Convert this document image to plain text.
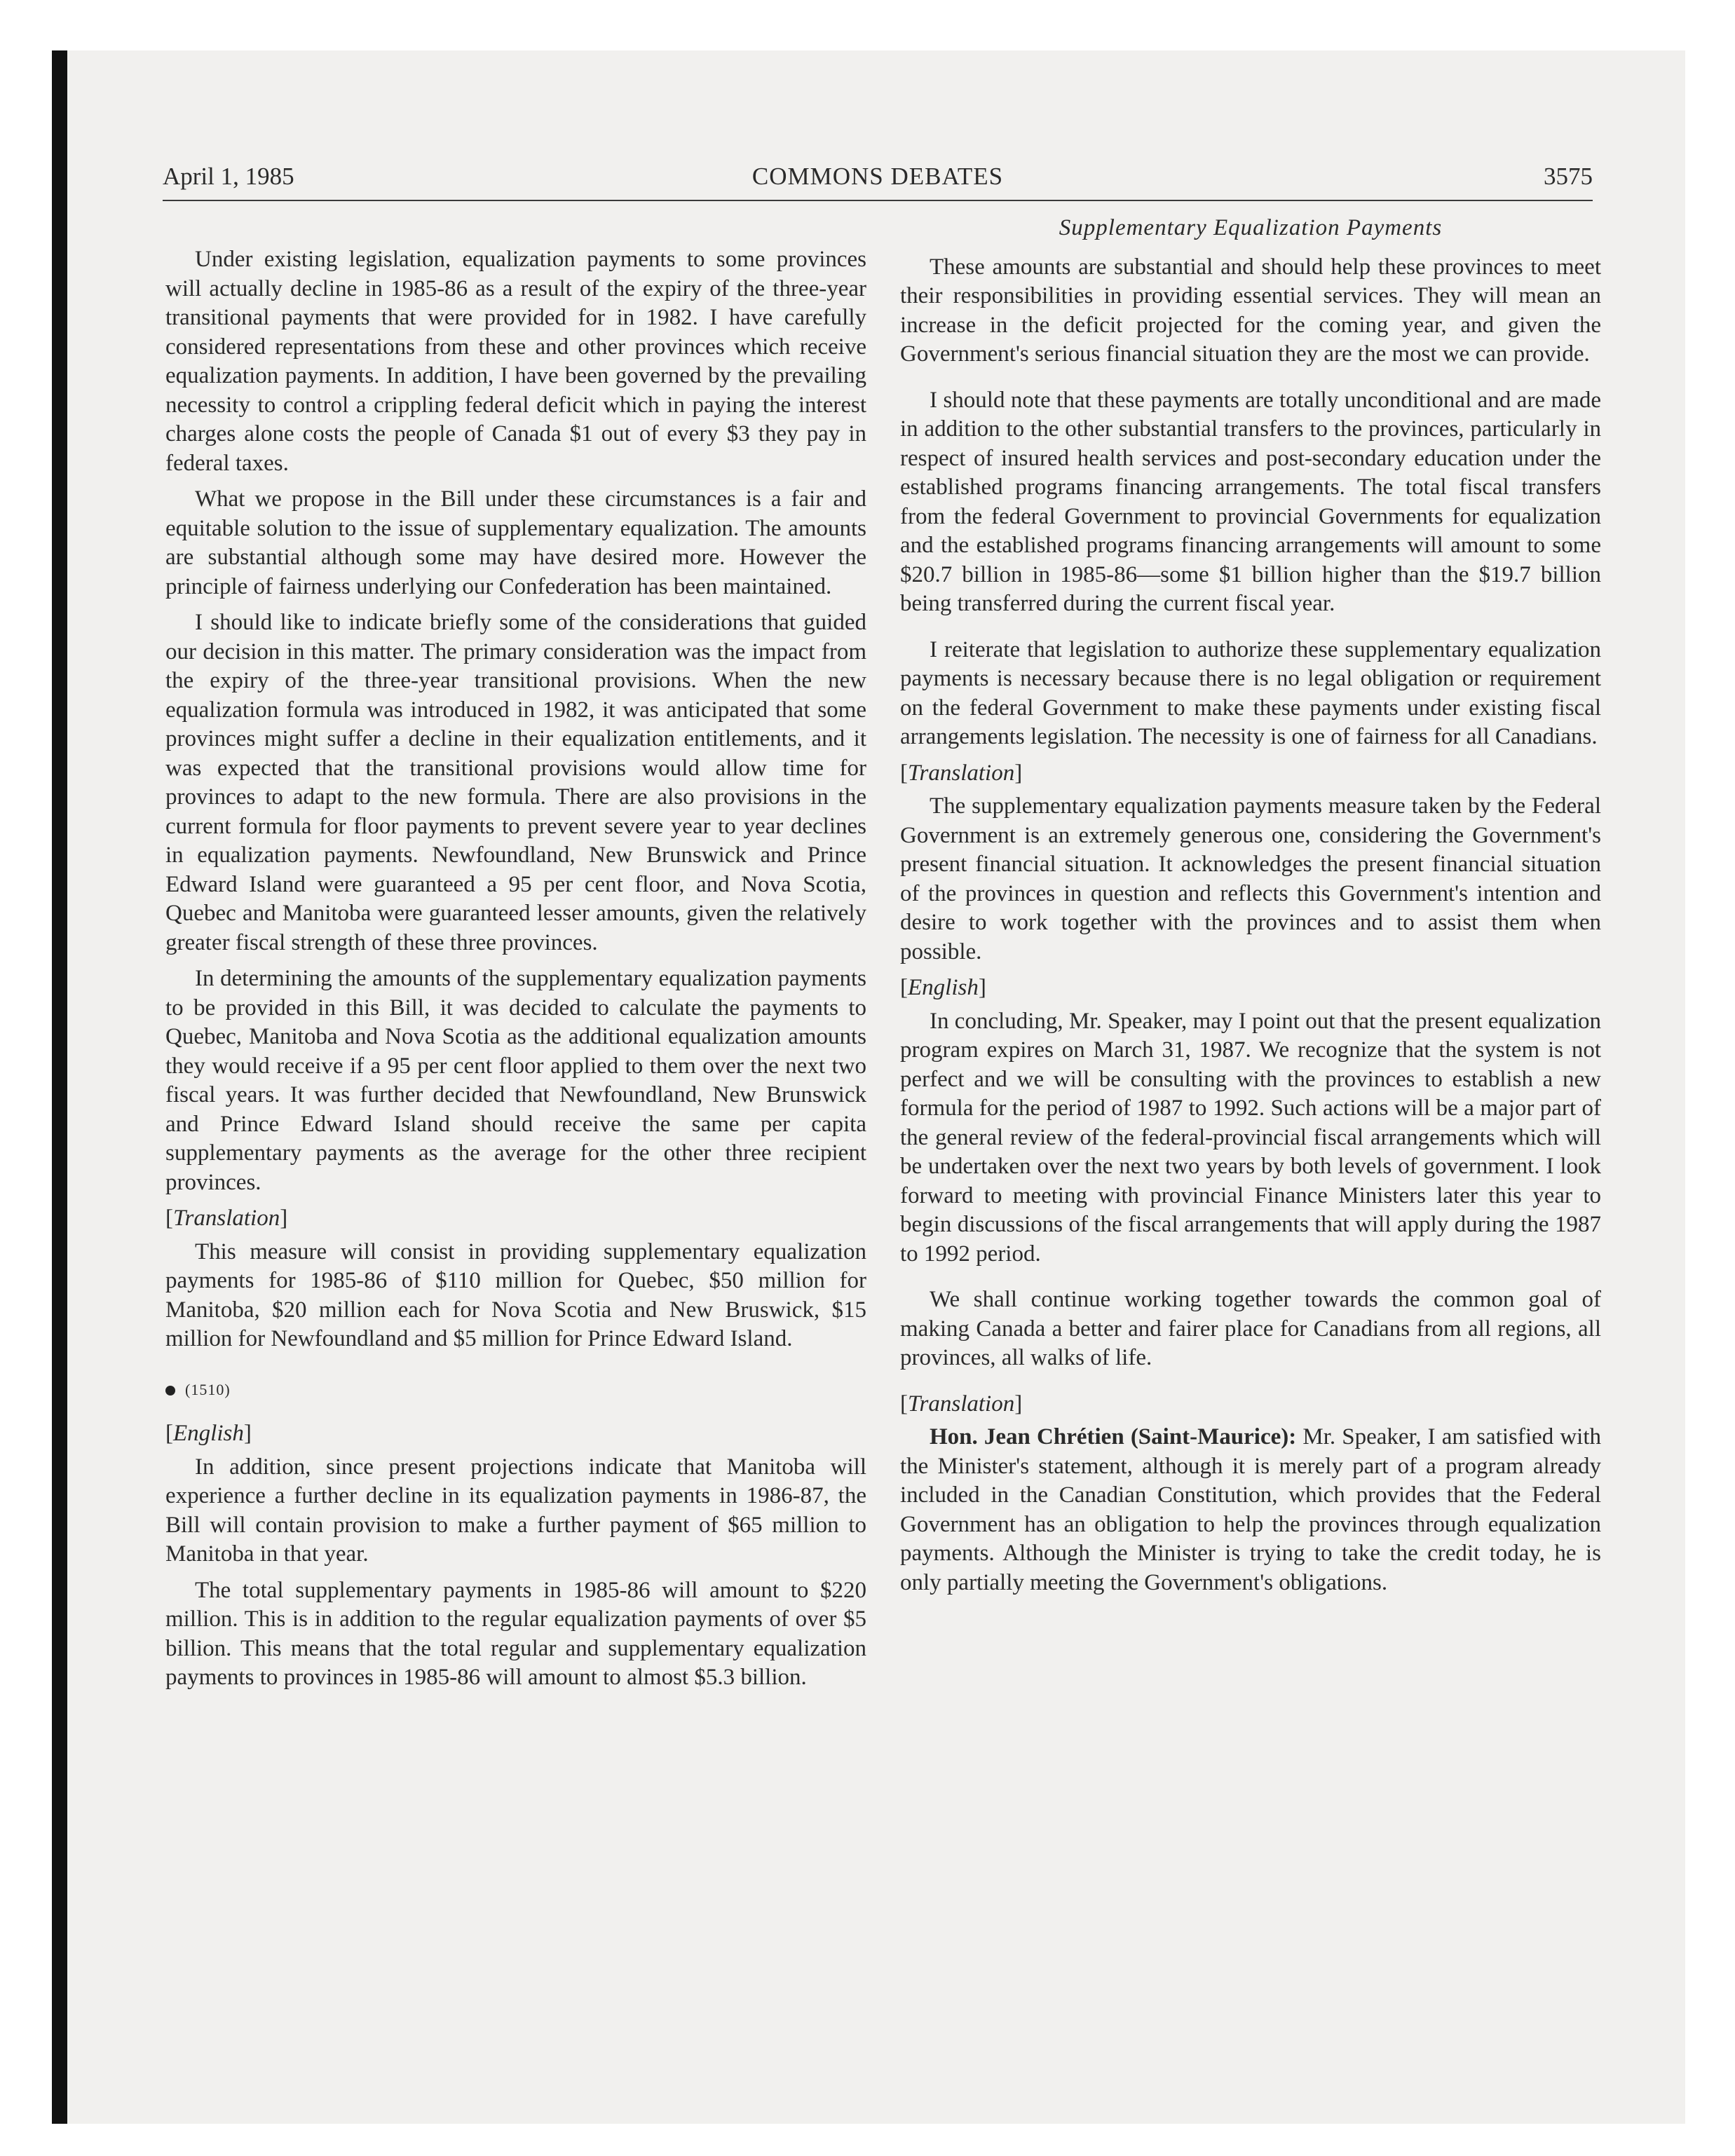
April 1, 1985	COMMONS DEBATES	3575

Under existing legislation, equalization payments to some provinces will actually decline in 1985-86 as a result of the expiry of the three-year transitional payments that were provided for in 1982. I have carefully considered representations from these and other provinces which receive equalization payments. In addition, I have been governed by the prevailing necessity to control a crippling federal deficit which in paying the interest charges alone costs the people of Canada $1 out of every $3 they pay in federal taxes.

What we propose in the Bill under these circumstances is a fair and equitable solution to the issue of supplementary equalization. The amounts are substantial although some may have desired more. However the principle of fairness underlying our Confederation has been maintained.

I should like to indicate briefly some of the considerations that guided our decision in this matter. The primary consideration was the impact from the expiry of the three-year transitional provisions. When the new equalization formula was introduced in 1982, it was anticipated that some provinces might suffer a decline in their equalization entitlements, and it was expected that the transitional provisions would allow time for provinces to adapt to the new formula. There are also provisions in the current formula for floor payments to prevent severe year to year declines in equalization payments. Newfoundland, New Brunswick and Prince Edward Island were guaranteed a 95 per cent floor, and Nova Scotia, Quebec and Manitoba were guaranteed lesser amounts, given the relatively greater fiscal strength of these three provinces.

In determining the amounts of the supplementary equalization payments to be provided in this Bill, it was decided to calculate the payments to Quebec, Manitoba and Nova Scotia as the additional equalization amounts they would receive if a 95 per cent floor applied to them over the next two fiscal years. It was further decided that Newfoundland, New Brunswick and Prince Edward Island should receive the same per capita supplementary payments as the average for the other three recipient provinces.

[Translation]

This measure will consist in providing supplementary equalization payments for 1985-86 of $110 million for Quebec, $50 million for Manitoba, $20 million each for Nova Scotia and New Bruswick, $15 million for Newfoundland and $5 million for Prince Edward Island.

(1510)
[English]

In addition, since present projections indicate that Manitoba will experience a further decline in its equalization payments in 1986-87, the Bill will contain provision to make a further payment of $65 million to Manitoba in that year.

The total supplementary payments in 1985-86 will amount to $220 million. This is in addition to the regular equalization payments of over $5 billion. This means that the total regular and supplementary equalization payments to provinces in 1985-86 will amount to almost $5.3 billion.

Supplementary Equalization Payments

These amounts are substantial and should help these provinces to meet their responsibilities in providing essential services. They will mean an increase in the deficit projected for the coming year, and given the Government's serious financial situation they are the most we can provide.

I should note that these payments are totally unconditional and are made in addition to the other substantial transfers to the provinces, particularly in respect of insured health services and post-secondary education under the established programs financing arrangements. The total fiscal transfers from the federal Government to provincial Governments for equalization and the established programs financing arrangements will amount to some $20.7 billion in 1985-86—some $1 billion higher than the $19.7 billion being transferred during the current fiscal year.

I reiterate that legislation to authorize these supplementary equalization payments is necessary because there is no legal obligation or requirement on the federal Government to make these payments under existing fiscal arrangements legislation. The necessity is one of fairness for all Canadians.

[Translation]

The supplementary equalization payments measure taken by the Federal Government is an extremely generous one, considering the Government's present financial situation. It acknowledges the present financial situation of the provinces in question and reflects this Government's intention and desire to work together with the provinces and to assist them when possible.

[English]

In concluding, Mr. Speaker, may I point out that the present equalization program expires on March 31, 1987. We recognize that the system is not perfect and we will be consulting with the provinces to establish a new formula for the period of 1987 to 1992. Such actions will be a major part of the general review of the federal-provincial fiscal arrangements which will be undertaken over the next two years by both levels of government. I look forward to meeting with provincial Finance Ministers later this year to begin discussions of the fiscal arrangements that will apply during the 1987 to 1992 period.

We shall continue working together towards the common goal of making Canada a better and fairer place for Canadians from all regions, all provinces, all walks of life.

[Translation]

Hon. Jean Chrétien (Saint-Maurice): Mr. Speaker, I am satisfied with the Minister's statement, although it is merely part of a program already included in the Canadian Constitution, which provides that the Federal Government has an obligation to help the provinces through equalization payments. Although the Minister is trying to take the credit today, he is only partially meeting the Government's obligations.
